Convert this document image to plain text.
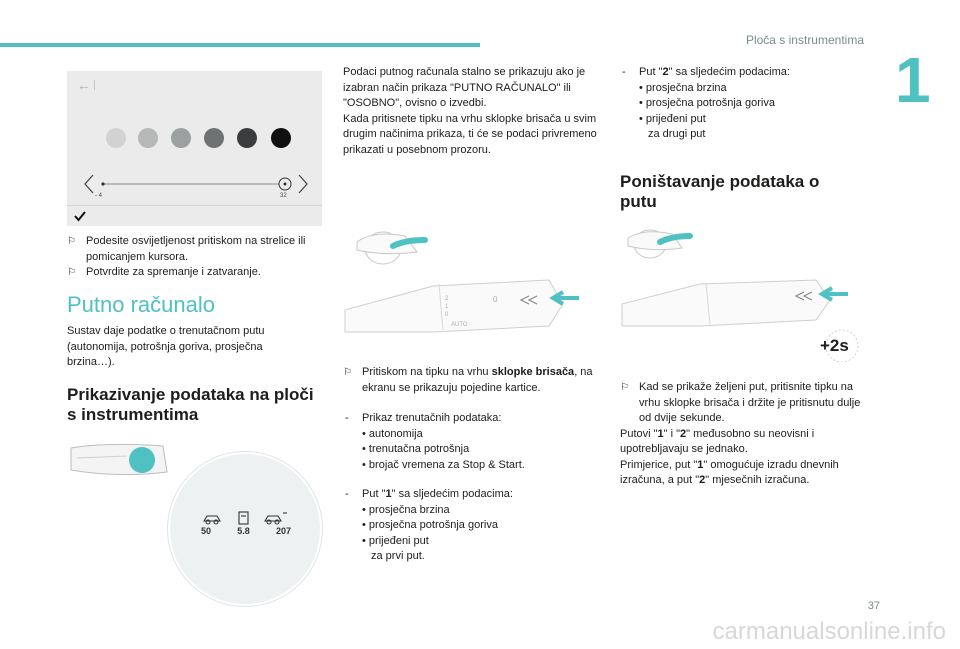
Ploča s instrumentima
1
←
- 4	32
⚐ Podesite osvijetljenost pritiskom na strelice ili pomicanjem kursora.
⚐ Potvrdite za spremanje i zatvaranje.
Putno računalo
Sustav daje podatke o trenutačnom putu (autonomija, potrošnja goriva, prosječna brzina…).
Prikazivanje podataka na ploči s instrumentima
50	5.8	207
Podaci putnog računala stalno se prikazuju ako je izabran način prikaza "PUTNO RAČUNALO" ili "OSOBNO", ovisno o izvedbi.
Kada pritisnete tipku na vrhu sklopke brisača u svim drugim načinima prikaza, ti će se podaci privremeno prikazati u posebnom prozoru.
2
1
0
AUTO
0
⚐ Pritiskom na tipku na vrhu sklopke brisača, na ekranu se prikazuju pojedine kartice.
- Prikaz trenutačnih podataka:
• autonomija
• trenutačna potrošnja
• brojač vremena za Stop & Start.
- Put "1" sa sljedećim podacima:
• prosječna brzina
• prosječna potrošnja goriva
• prijeđeni put
za prvi put.
- Put "2" sa sljedećim podacima:
• prosječna brzina
• prosječna potrošnja goriva
• prijeđeni put
za drugi put
Poništavanje podataka o putu
+2s
⚐ Kad se prikaže željeni put, pritisnite tipku na vrhu sklopke brisača i držite je pritisnutu dulje od dvije sekunde.
Putovi "1" i "2" međusobno su neovisni i upotrebljavaju se jednako.
Primjerice, put "1" omogućuje izradu dnevnih izračuna, a put "2" mjesečnih izračuna.
37
carmanualsonline.info
